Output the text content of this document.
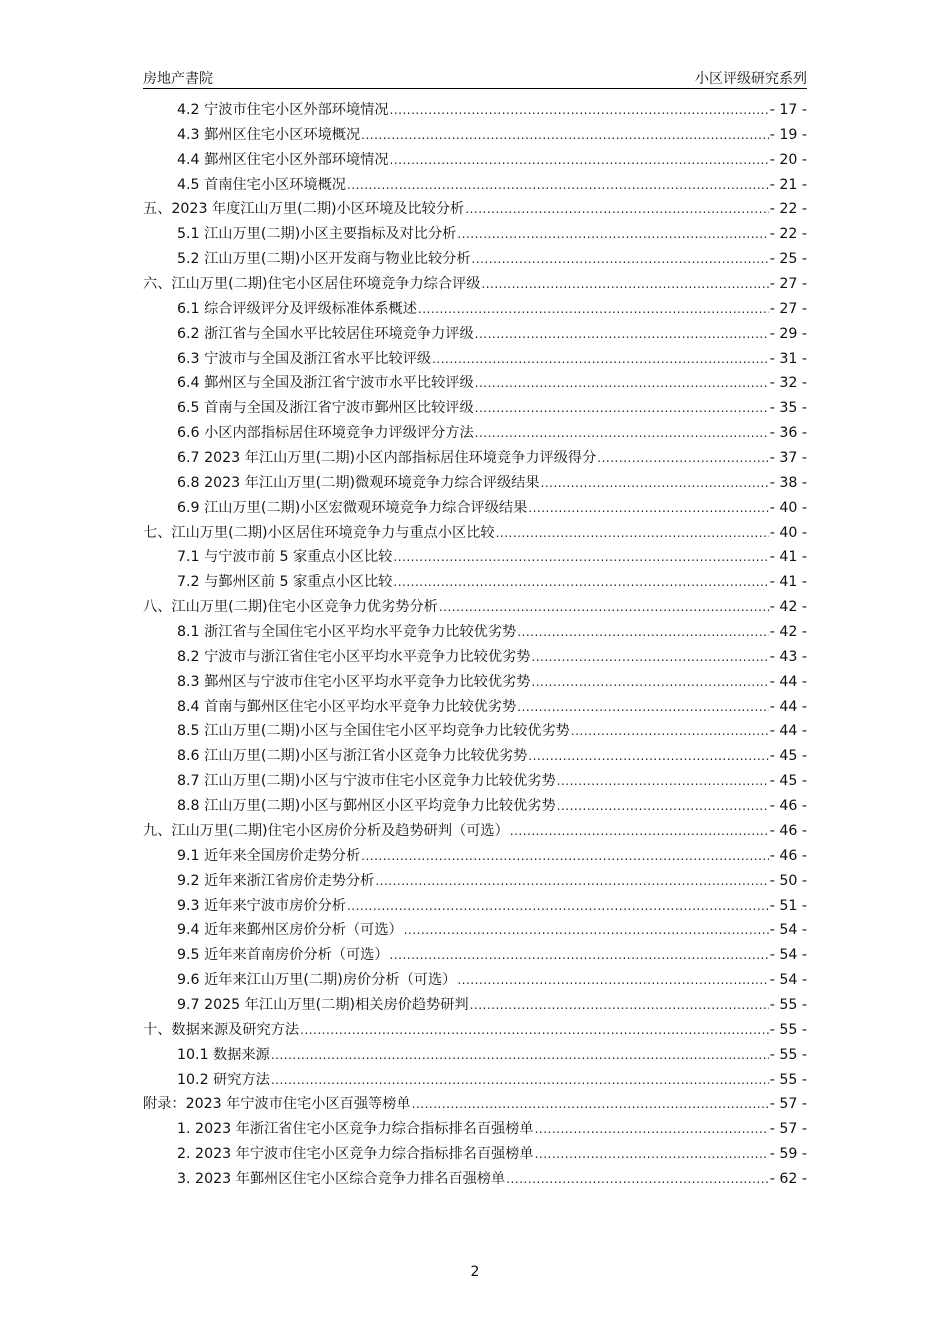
房地产書院	小区评级研究系列
4.2 宁波市住宅小区外部环境情况 .....	- 17 -
4.3 鄞州区住宅小区环境概况 .....	- 19 -
4.4 鄞州区住宅小区外部环境情况 .....	- 20 -
4.5 首南住宅小区环境概况 .....	- 21 -
五、2023 年度江山万里(二期)小区环境及比较分析 .....	- 22 -
5.1 江山万里(二期)小区主要指标及对比分析 .....	- 22 -
5.2 江山万里(二期)小区开发商与物业比较分析 .....	- 25 -
六、江山万里(二期)住宅小区居住环境竞争力综合评级 .....	- 27 -
6.1 综合评级评分及评级标准体系概述 .....	- 27 -
6.2 浙江省与全国水平比较居住环境竞争力评级 .....	- 29 -
6.3 宁波市与全国及浙江省水平比较评级 .....	- 31 -
6.4 鄞州区与全国及浙江省宁波市水平比较评级 .....	- 32 -
6.5 首南与全国及浙江省宁波市鄞州区比较评级 .....	- 35 -
6.6 小区内部指标居住环境竞争力评级评分方法 .....	- 36 -
6.7 2023 年江山万里(二期)小区内部指标居住环境竞争力评级得分 .....	- 37 -
6.8 2023 年江山万里(二期)微观环境竞争力综合评级结果 .....	- 38 -
6.9 江山万里(二期)小区宏微观环境竞争力综合评级结果 .....	- 40 -
七、江山万里(二期)小区居住环境竞争力与重点小区比较 .....	- 40 -
7.1 与宁波市前 5 家重点小区比较 .....	- 41 -
7.2 与鄞州区前 5 家重点小区比较 .....	- 41 -
八、江山万里(二期)住宅小区竞争力优劣势分析 .....	- 42 -
8.1 浙江省与全国住宅小区平均水平竞争力比较优劣势 .....	- 42 -
8.2 宁波市与浙江省住宅小区平均水平竞争力比较优劣势 .....	- 43 -
8.3 鄞州区与宁波市住宅小区平均水平竞争力比较优劣势 .....	- 44 -
8.4 首南与鄞州区住宅小区平均水平竞争力比较优劣势 .....	- 44 -
8.5 江山万里(二期)小区与全国住宅小区平均竞争力比较优劣势 .....	- 44 -
8.6 江山万里(二期)小区与浙江省小区竞争力比较优劣势 .....	- 45 -
8.7 江山万里(二期)小区与宁波市住宅小区竞争力比较优劣势 .....	- 45 -
8.8 江山万里(二期)小区与鄞州区小区平均竞争力比较优劣势 .....	- 46 -
九、江山万里(二期)住宅小区房价分析及趋势研判（可选） .....	- 46 -
9.1 近年来全国房价走势分析 .....	- 46 -
9.2 近年来浙江省房价走势分析 .....	- 50 -
9.3 近年来宁波市房价分析 .....	- 51 -
9.4 近年来鄞州区房价分析（可选） .....	- 54 -
9.5 近年来首南房价分析（可选） .....	- 54 -
9.6 近年来江山万里(二期)房价分析（可选） .....	- 54 -
9.7 2025 年江山万里(二期)相关房价趋势研判 .....	- 55 -
十、数据来源及研究方法 .....	- 55 -
10.1 数据来源 .....	- 55 -
10.2 研究方法 .....	- 55 -
附录：2023 年宁波市住宅小区百强等榜单 .....	- 57 -
1. 2023 年浙江省住宅小区竞争力综合指标排名百强榜单 .....	- 57 -
2. 2023 年宁波市住宅小区竞争力综合指标排名百强榜单 .....	- 59 -
3. 2023 年鄞州区住宅小区综合竞争力排名百强榜单 .....	- 62 -
2
